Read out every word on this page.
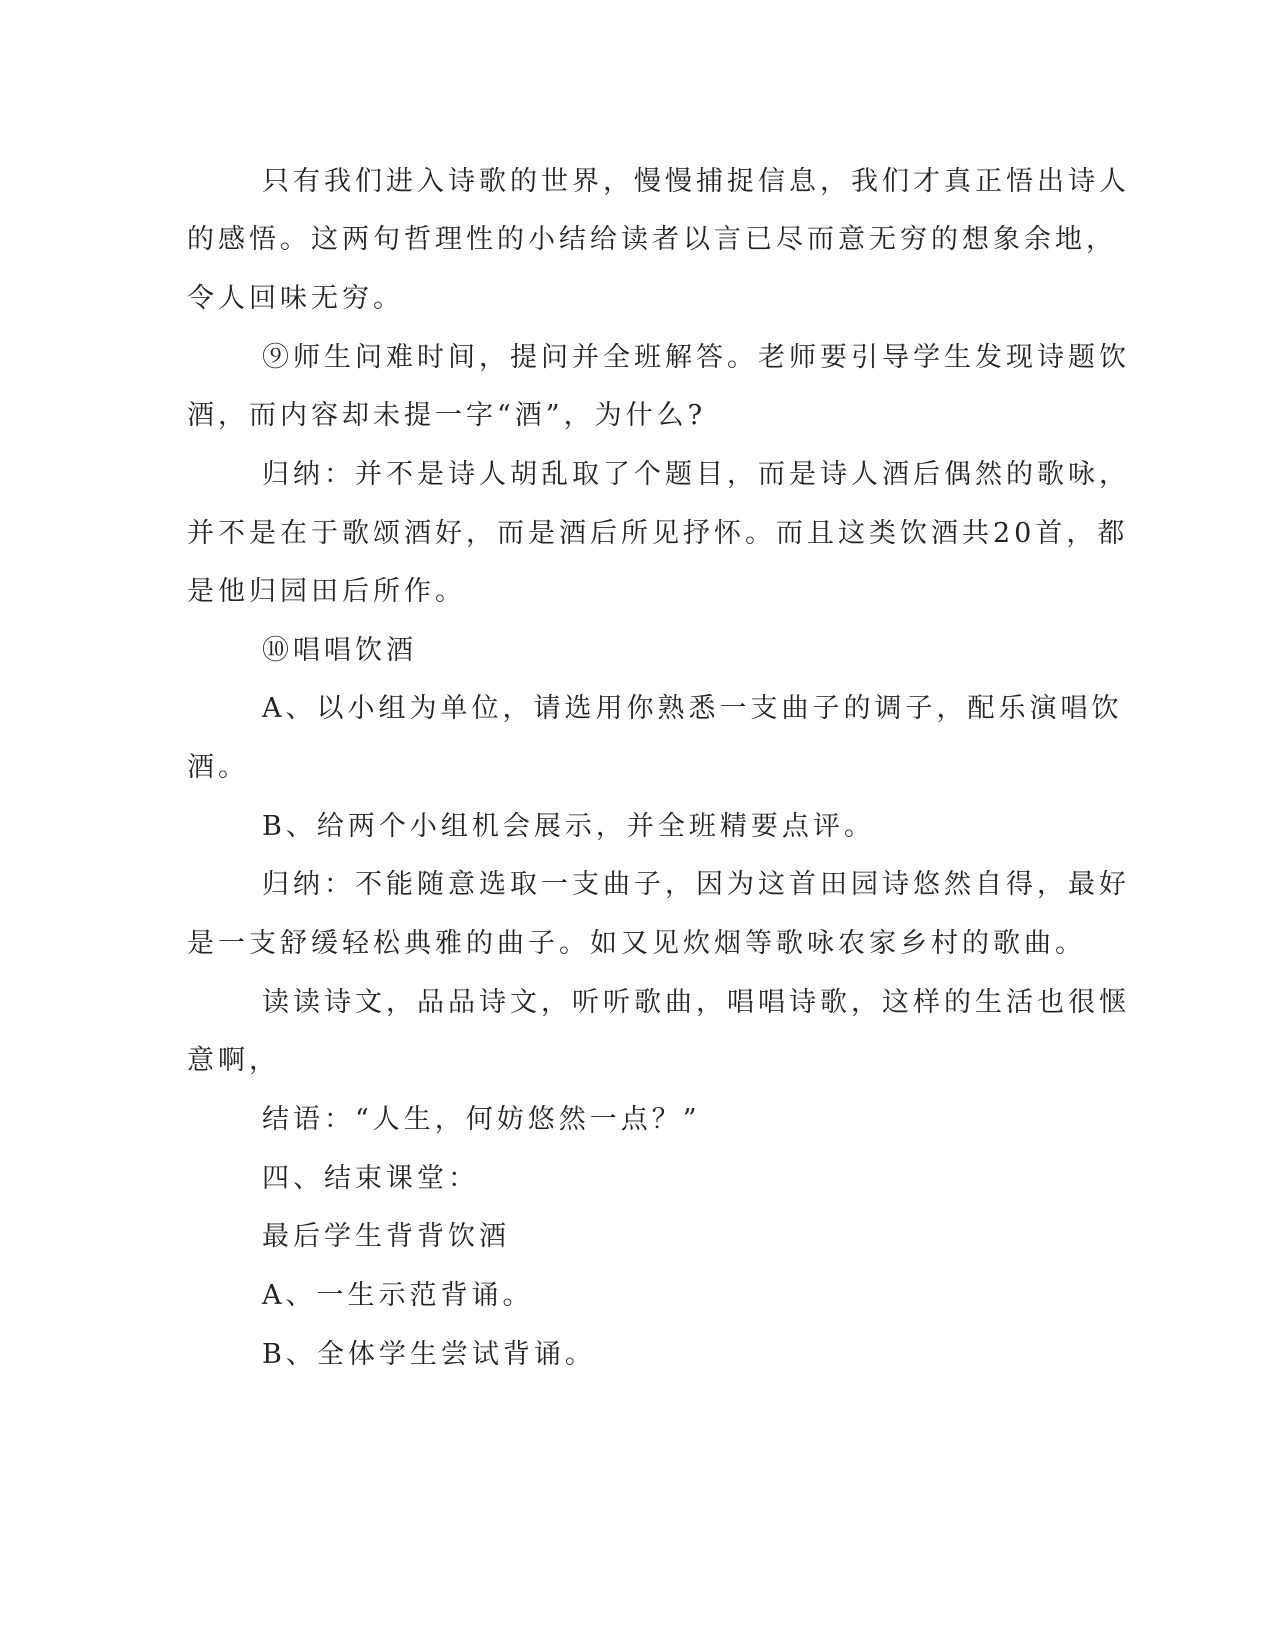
只有我们进入诗歌的世界，慢慢捕捉信息，我们才真正悟出诗人
的感悟。这两句哲理性的小结给读者以言已尽而意无穷的想象余地，
令人回味无穷。
⑨师生问难时间，提问并全班解答。老师要引导学生发现诗题饮
酒，而内容却未提一字“酒”，为什么?
归纳：并不是诗人胡乱取了个题目，而是诗人酒后偶然的歌咏，
并不是在于歌颂酒好，而是酒后所见抒怀。而且这类饮酒共20首，都
是他归园田后所作。
⑩唱唱饮酒
A、以小组为单位，请选用你熟悉一支曲子的调子，配乐演唱饮
酒。
B、给两个小组机会展示，并全班精要点评。
归纳：不能随意选取一支曲子，因为这首田园诗悠然自得，最好
是一支舒缓轻松典雅的曲子。如又见炊烟等歌咏农家乡村的歌曲。
读读诗文，品品诗文，听听歌曲，唱唱诗歌，这样的生活也很惬
意啊，
结语：“人生，何妨悠然一点？”
四、结束课堂：
最后学生背背饮酒
A、一生示范背诵。
B、全体学生尝试背诵。
